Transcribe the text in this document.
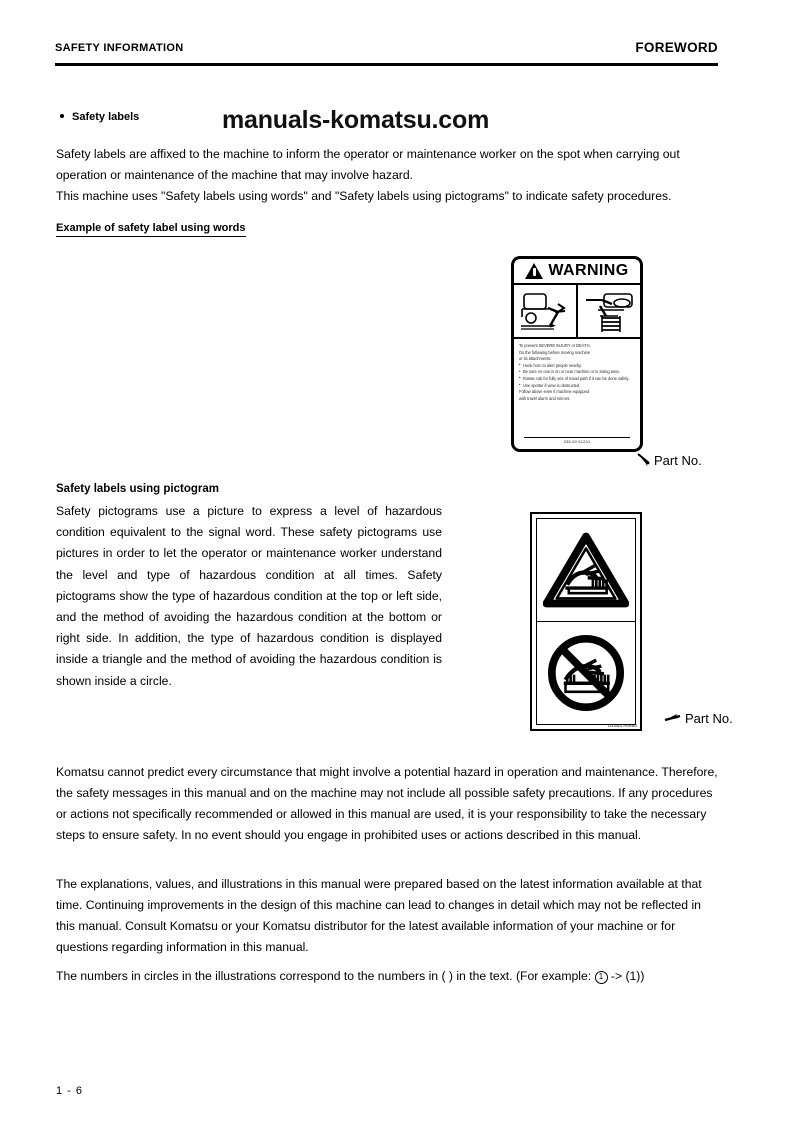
SAFETY INFORMATION	FOREWORD
Safety labels	manuals-komatsu.com

Safety labels are affixed to the machine to inform the operator or maintenance worker on the spot when carrying out operation or maintenance of the machine that may involve hazard.

This machine uses "Safety labels using words" and "Safety labels using pictograms" to indicate safety procedures.

Example of safety label using words
WARNING
To prevent SEVERE INJURY or DEATH,
Do the following before moving machine
or its attachments:
• Honk horn to alert people nearby.
• Be sure no one is on or near machine or in swing area.
• Rotate cab for fully see of travel path if it can be done safely.
• Use spotter if view is obstructed.
Follow above even if machine equipped
with travel alarm and mirrors.
238 00 51201
Part No.
Safety labels using pictogram
Safety pictograms use a picture to express a level of hazardous condition equivalent to the signal word. These safety pictograms use pictures in order to let the operator or maintenance worker understand the level and type of hazardous condition at all times. Safety pictograms show the type of hazardous condition at the top or left side, and the method of avoiding the hazardous condition at the bottom or right side. In addition, the type of hazardous condition is displayed inside a triangle and the method of avoiding the hazardous condition is shown inside a circle.
D1653 A0660	Part No.
Komatsu cannot predict every circumstance that might involve a potential hazard in operation and maintenance. Therefore, the safety messages in this manual and on the machine may not include all possible safety precautions. If any procedures or actions not specifically recommended or allowed in this manual are used, it is your responsibility to take the necessary steps to ensure safety. In no event should you engage in prohibited uses or actions described in this manual.
The explanations, values, and illustrations in this manual were prepared based on the latest information available at that time. Continuing improvements in the design of this machine can lead to changes in detail which may not be reflected in this manual. Consult Komatsu or your Komatsu distributor for the latest available information of your machine or for questions regarding information in this manual.
The numbers in circles in the illustrations correspond to the numbers in ( ) in the text. (For example: 1 -> (1))
1 - 6
